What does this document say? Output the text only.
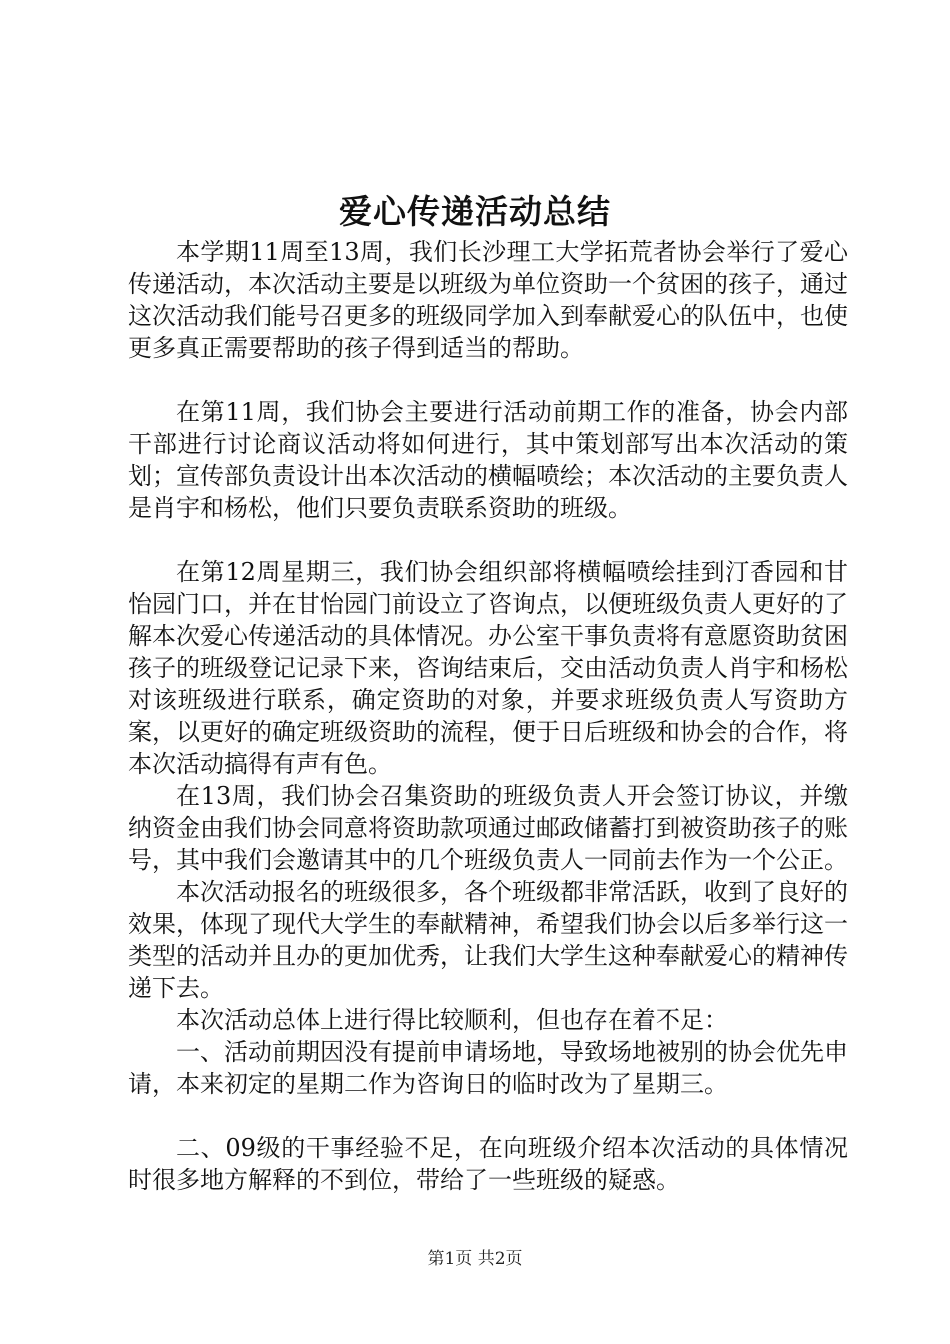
爱心传递活动总结

本学期11周至13周，我们长沙理工大学拓荒者协会举行了爱心传递活动，本次活动主要是以班级为单位资助一个贫困的孩子，通过这次活动我们能号召更多的班级同学加入到奉献爱心的队伍中，也使更多真正需要帮助的孩子得到适当的帮助。

在第11周，我们协会主要进行活动前期工作的准备，协会内部干部进行讨论商议活动将如何进行，其中策划部写出本次活动的策划；宣传部负责设计出本次活动的横幅喷绘；本次活动的主要负责人是肖宇和杨松，他们只要负责联系资助的班级。

在第12周星期三，我们协会组织部将横幅喷绘挂到汀香园和甘怡园门口，并在甘怡园门前设立了咨询点，以便班级负责人更好的了解本次爱心传递活动的具体情况。办公室干事负责将有意愿资助贫困孩子的班级登记记录下来，咨询结束后，交由活动负责人肖宇和杨松对该班级进行联系，确定资助的对象，并要求班级负责人写资助方案，以更好的确定班级资助的流程，便于日后班级和协会的合作，将本次活动搞得有声有色。

在13周，我们协会召集资助的班级负责人开会签订协议，并缴纳资金由我们协会同意将资助款项通过邮政储蓄打到被资助孩子的账号，其中我们会邀请其中的几个班级负责人一同前去作为一个公正。

本次活动报名的班级很多，各个班级都非常活跃，收到了良好的效果，体现了现代大学生的奉献精神，希望我们协会以后多举行这一类型的活动并且办的更加优秀，让我们大学生这种奉献爱心的精神传递下去。

本次活动总体上进行得比较顺利，但也存在着不足：

一、活动前期因没有提前申请场地，导致场地被别的协会优先申请，本来初定的星期二作为咨询日的临时改为了星期三。

二、09级的干事经验不足，在向班级介绍本次活动的具体情况时很多地方解释的不到位，带给了一些班级的疑惑。

第1页 共2页
